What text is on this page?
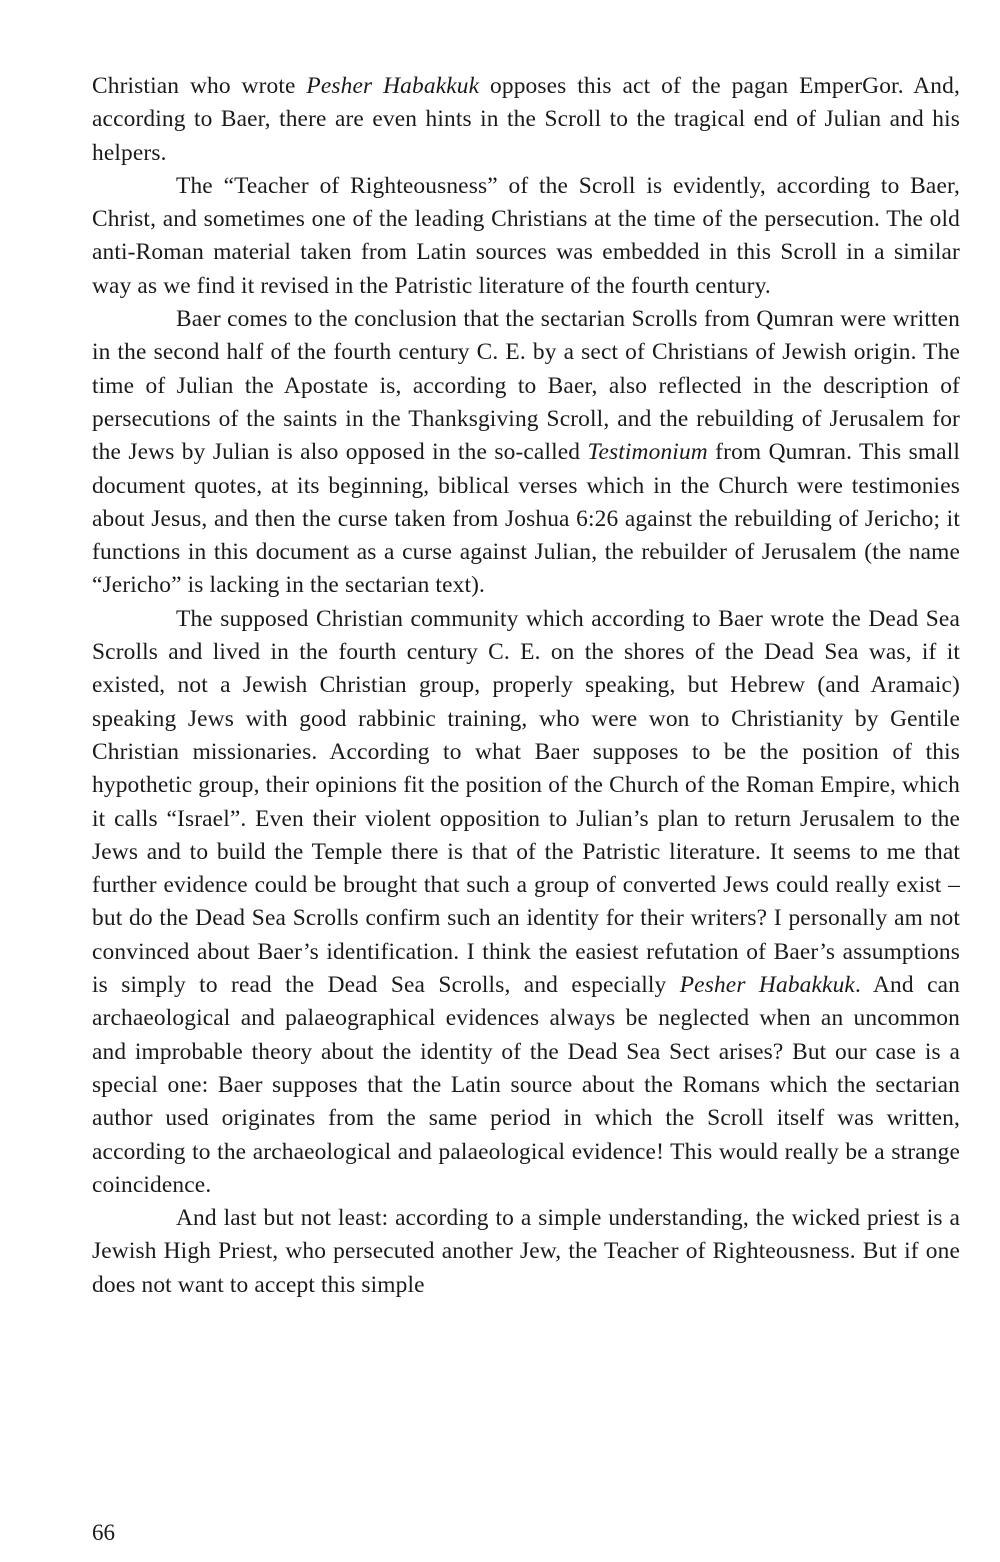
Christian who wrote Pesher Habakkuk opposes this act of the pagan EmperGor. And, according to Baer, there are even hints in the Scroll to the tragical end of Julian and his helpers.

The “Teacher of Righteousness” of the Scroll is evidently, according to Baer, Christ, and sometimes one of the leading Christians at the time of the persecution. The old anti-Roman material taken from Latin sources was embedded in this Scroll in a similar way as we find it revised in the Patristic literature of the fourth century.

Baer comes to the conclusion that the sectarian Scrolls from Qumran were written in the second half of the fourth century C. E. by a sect of Christians of Jewish origin. The time of Julian the Apostate is, according to Baer, also reflected in the description of persecutions of the saints in the Thanksgiving Scroll, and the rebuilding of Jerusalem for the Jews by Julian is also opposed in the so-called Testimonium from Qumran. This small document quotes, at its beginning, biblical verses which in the Church were testimonies about Jesus, and then the curse taken from Joshua 6:26 against the rebuilding of Jericho; it functions in this document as a curse against Julian, the rebuilder of Jerusalem (the name “Jericho” is lacking in the sectarian text).

The supposed Christian community which according to Baer wrote the Dead Sea Scrolls and lived in the fourth century C. E. on the shores of the Dead Sea was, if it existed, not a Jewish Christian group, properly speaking, but Hebrew (and Aramaic) speaking Jews with good rabbinic training, who were won to Christianity by Gentile Christian missionaries. According to what Baer supposes to be the position of this hypothetic group, their opinions fit the position of the Church of the Roman Empire, which it calls “Israel”. Even their violent opposition to Julian’s plan to return Jerusalem to the Jews and to build the Temple there is that of the Patristic literature. It seems to me that further evidence could be brought that such a group of converted Jews could really exist – but do the Dead Sea Scrolls confirm such an identity for their writers? I personally am not convinced about Baer’s identification. I think the easiest refutation of Baer’s assumptions is simply to read the Dead Sea Scrolls, and especially Pesher Habakkuk. And can archaeological and palaeographical evidences always be neglected when an uncommon and improbable theory about the identity of the Dead Sea Sect arises? But our case is a special one: Baer supposes that the Latin source about the Romans which the sectarian author used originates from the same period in which the Scroll itself was written, according to the archaeological and palaeological evidence! This would really be a strange coincidence.

And last but not least: according to a simple understanding, the wicked priest is a Jewish High Priest, who persecuted another Jew, the Teacher of Righteousness. But if one does not want to accept this simple

66
